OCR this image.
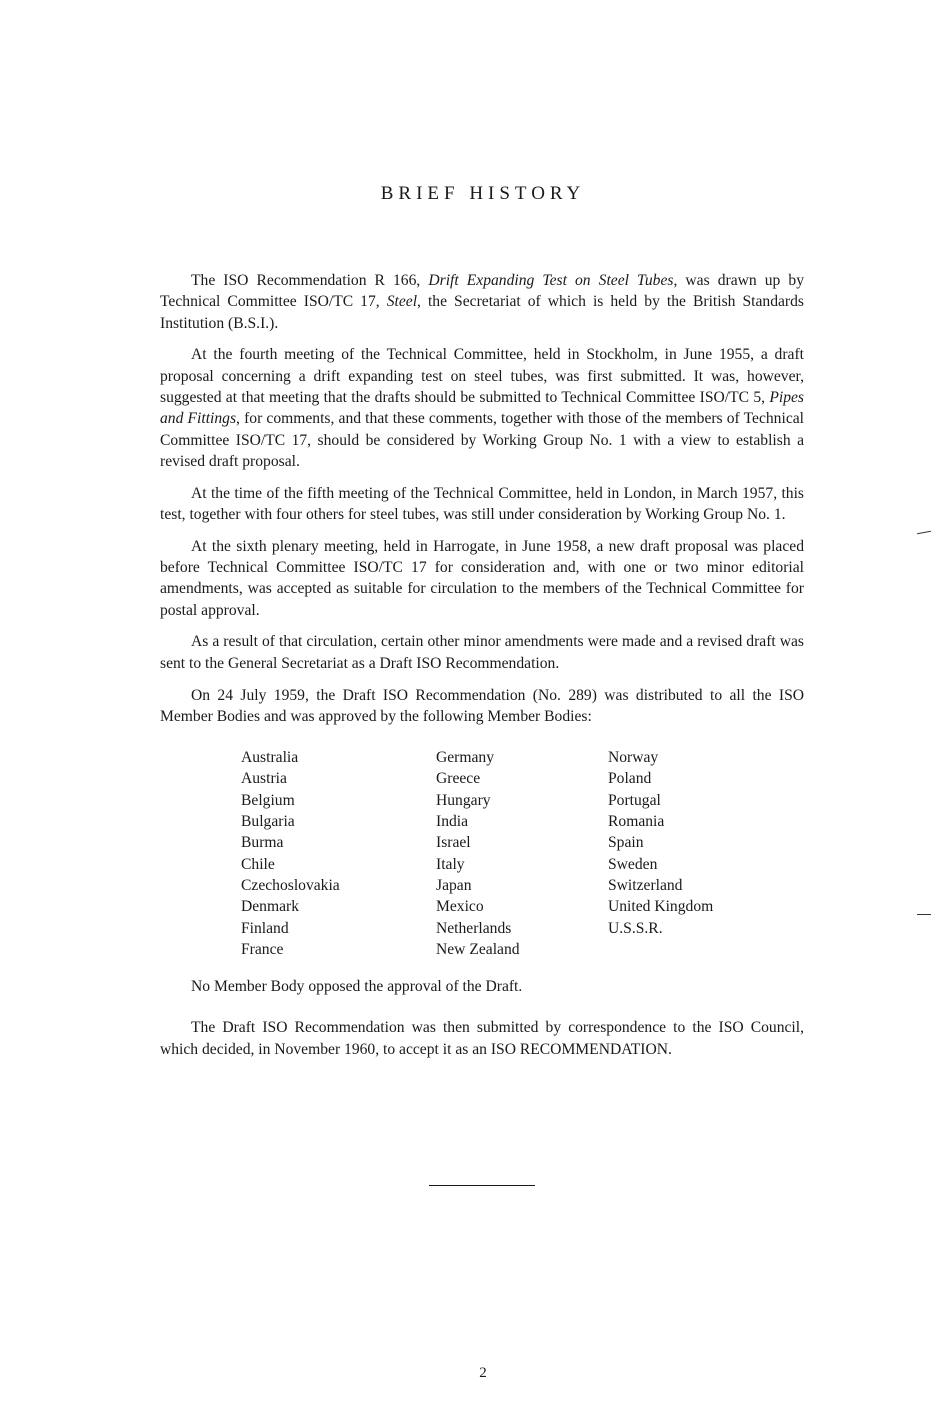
BRIEF HISTORY

The ISO Recommendation R 166, Drift Expanding Test on Steel Tubes, was drawn up by Technical Committee ISO/TC 17, Steel, the Secretariat of which is held by the British Standards Institution (B.S.I.).

At the fourth meeting of the Technical Committee, held in Stockholm, in June 1955, a draft proposal concerning a drift expanding test on steel tubes, was first submitted. It was, however, suggested at that meeting that the drafts should be submitted to Technical Committee ISO/TC 5, Pipes and Fittings, for comments, and that these comments, together with those of the members of Technical Committee ISO/TC 17, should be considered by Working Group No. 1 with a view to establish a revised draft proposal.

At the time of the fifth meeting of the Technical Committee, held in London, in March 1957, this test, together with four others for steel tubes, was still under consideration by Working Group No. 1.

At the sixth plenary meeting, held in Harrogate, in June 1958, a new draft proposal was placed before Technical Committee ISO/TC 17 for consideration and, with one or two minor editorial amendments, was accepted as suitable for circulation to the members of the Technical Committee for postal approval.

As a result of that circulation, certain other minor amendments were made and a revised draft was sent to the General Secretariat as a Draft ISO Recommendation.

On 24 July 1959, the Draft ISO Recommendation (No. 289) was distributed to all the ISO Member Bodies and was approved by the following Member Bodies:

Australia
Austria
Belgium
Bulgaria
Burma
Chile
Czechoslovakia
Denmark
Finland
France
Germany
Greece
Hungary
India
Israel
Italy
Japan
Mexico
Netherlands
New Zealand
Norway
Poland
Portugal
Romania
Spain
Sweden
Switzerland
United Kingdom
U.S.S.R.

No Member Body opposed the approval of the Draft.

The Draft ISO Recommendation was then submitted by correspondence to the ISO Council, which decided, in November 1960, to accept it as an ISO RECOMMENDATION.

2
